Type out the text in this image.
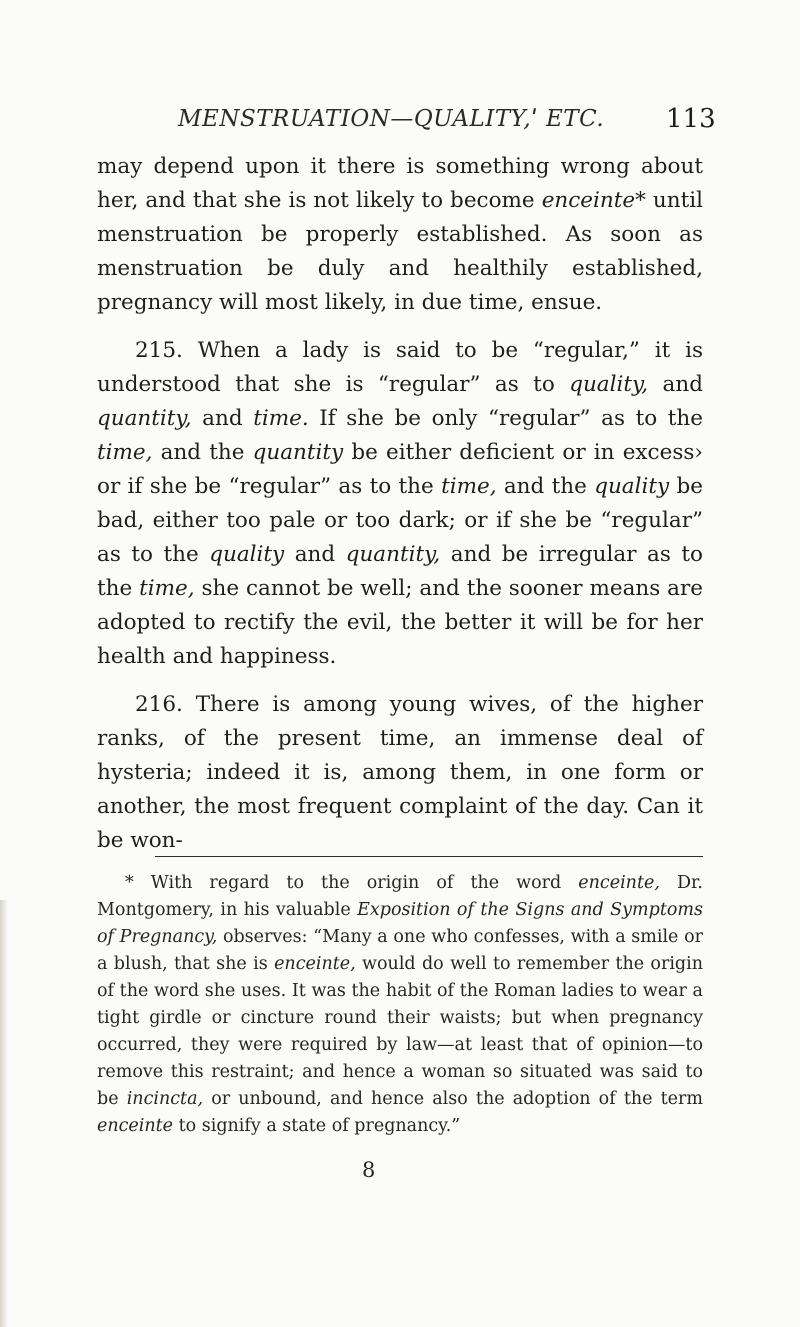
MENSTRUATION—QUALITY,ˈ ETC. 113

may depend upon it there is something wrong about her, and that she is not likely to become enceinte* until menstruation be properly established. As soon as menstruation be duly and healthily established, pregnancy will most likely, in due time, ensue.

215. When a lady is said to be “regular,” it is understood that she is “regular” as to quality, and quantity, and time. If she be only “regular” as to the time, and the quantity be either deficient or in excess› or if she be “regular” as to the time, and the quality be bad, either too pale or too dark; or if she be “regular” as to the quality and quantity, and be irregular as to the time, she cannot be well; and the sooner means are adopted to rectify the evil, the better it will be for her health and happiness.

216. There is among young wives, of the higher ranks, of the present time, an immense deal of hysteria; indeed it is, among them, in one form or another, the most frequent complaint of the day. Can it be won-

* With regard to the origin of the word enceinte, Dr. Montgomery, in his valuable Exposition of the Signs and Symptoms of Pregnancy, observes: “Many a one who confesses, with a smile or a blush, that she is enceinte, would do well to remember the origin of the word she uses. It was the habit of the Roman ladies to wear a tight girdle or cincture round their waists; but when pregnancy occurred, they were required by law—at least that of opinion—to remove this restraint; and hence a woman so situated was said to be incincta, or unbound, and hence also the adoption of the term enceinte to signify a state of pregnancy.”

8
